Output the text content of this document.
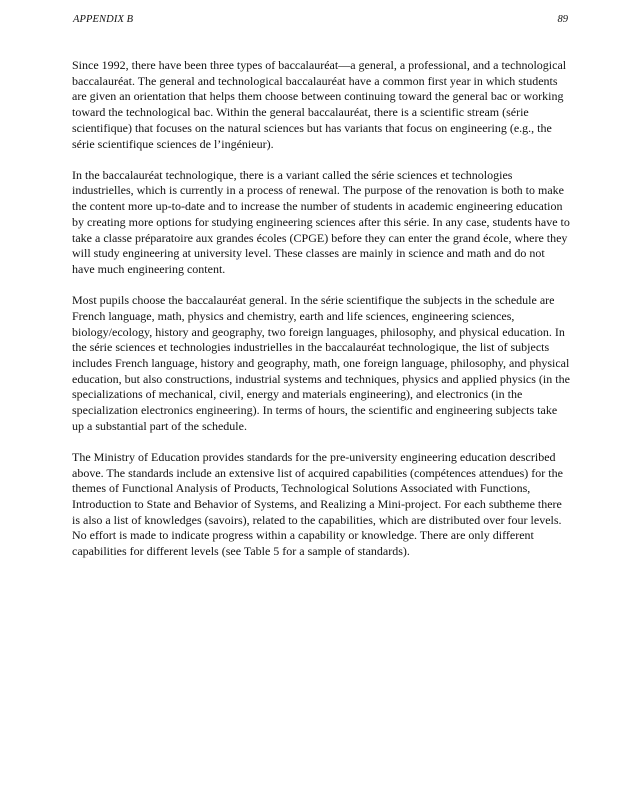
APPENDIX B	89

Since 1992, there have been three types of baccalauréat—a general, a professional, and a technological baccalauréat. The general and technological baccalauréat have a common first year in which students are given an orientation that helps them choose between continuing toward the general bac or working toward the technological bac. Within the general baccalauréat, there is a scientific stream (série scientifique) that focuses on the natural sciences but has variants that focus on engineering (e.g., the série scientifique sciences de l’ingénieur).

In the baccalauréat technologique, there is a variant called the série sciences et technologies industrielles, which is currently in a process of renewal. The purpose of the renovation is both to make the content more up-to-date and to increase the number of students in academic engineering education by creating more options for studying engineering sciences after this série. In any case, students have to take a classe préparatoire aux grandes écoles (CPGE) before they can enter the grand école, where they will study engineering at university level. These classes are mainly in science and math and do not have much engineering content.

Most pupils choose the baccalauréat general. In the série scientifique the subjects in the schedule are French language, math, physics and chemistry, earth and life sciences, engineering sciences, biology/ecology, history and geography, two foreign languages, philosophy, and physical education. In the série sciences et technologies industrielles in the baccalauréat technologique, the list of subjects includes French language, history and geography, math, one foreign language, philosophy, and physical education, but also constructions, industrial systems and techniques, physics and applied physics (in the specializations of mechanical, civil, energy and materials engineering), and electronics (in the specialization electronics engineering). In terms of hours, the scientific and engineering subjects take up a substantial part of the schedule.

The Ministry of Education provides standards for the pre-university engineering education described above. The standards include an extensive list of acquired capabilities (compétences attendues) for the themes of Functional Analysis of Products, Technological Solutions Associated with Functions, Introduction to State and Behavior of Systems, and Realizing a Mini-project. For each subtheme there is also a list of knowledges (savoirs), related to the capabilities, which are distributed over four levels. No effort is made to indicate progress within a capability or knowledge. There are only different capabilities for different levels (see Table 5 for a sample of standards).
